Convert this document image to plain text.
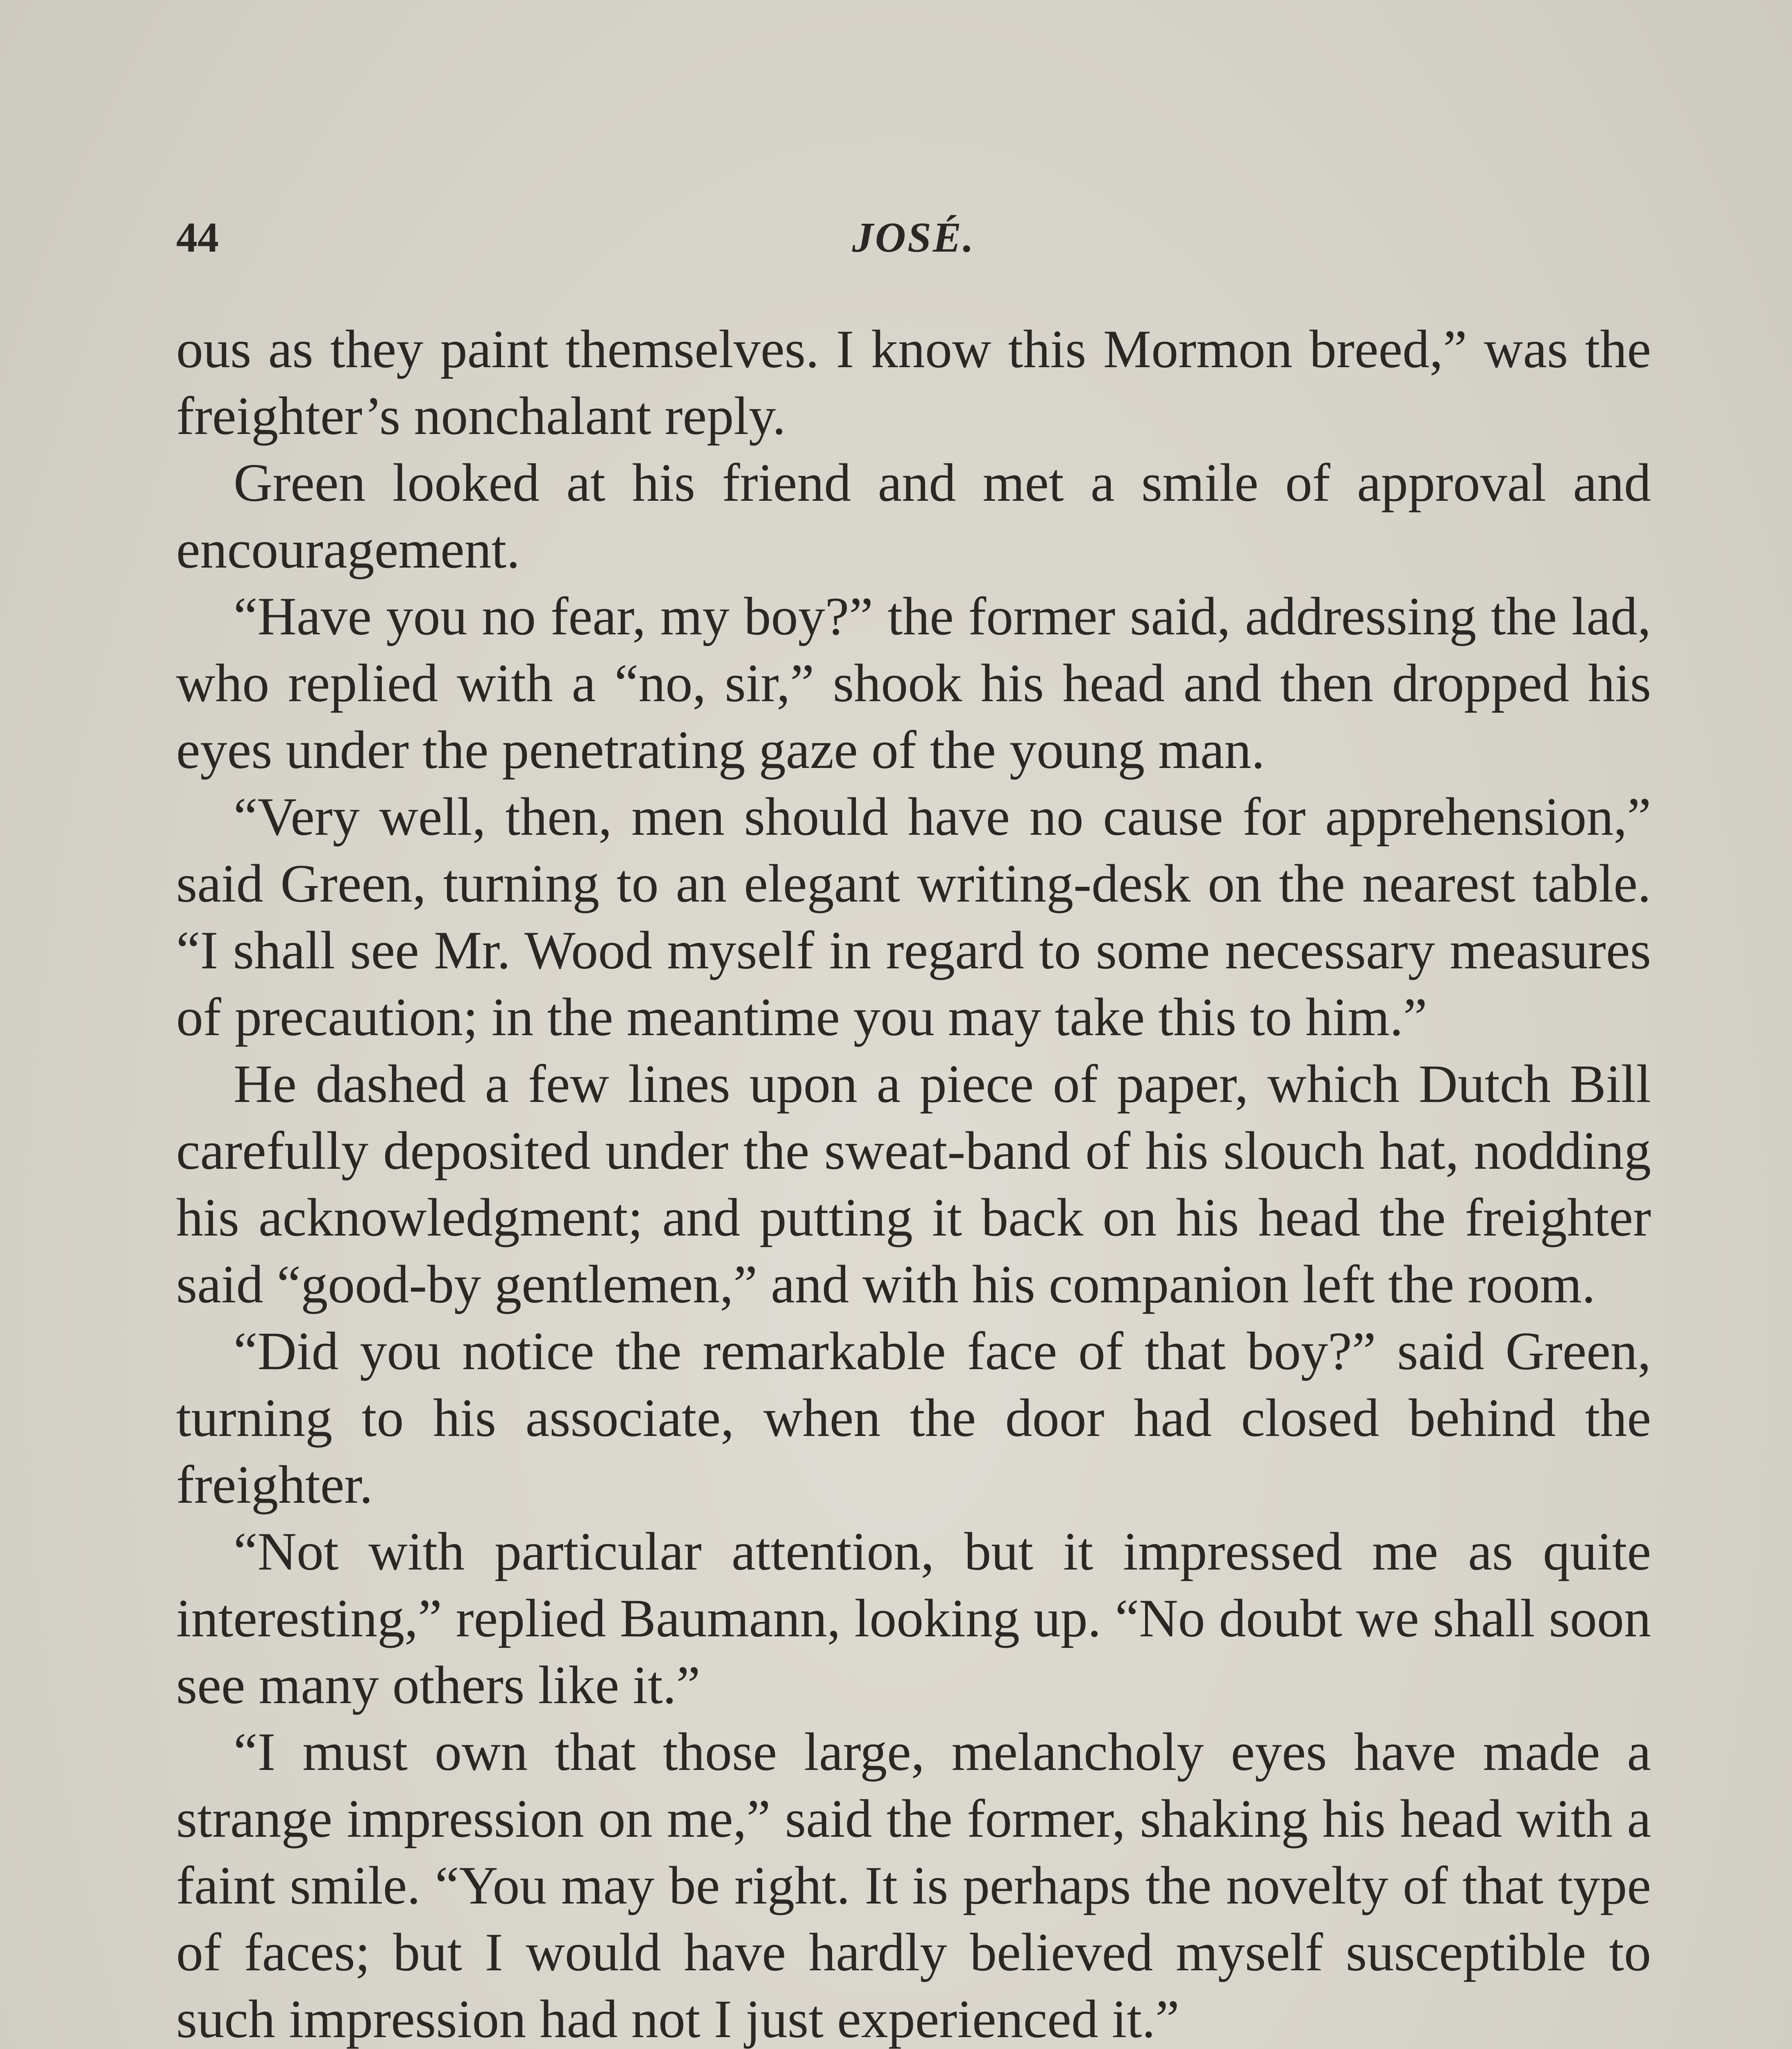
44	JOSÉ.

ous as they paint themselves. I know this Mormon breed,” was the freighter’s nonchalant reply.

Green looked at his friend and met a smile of approval and encouragement.

“Have you no fear, my boy?” the former said, addressing the lad, who replied with a “no, sir,” shook his head and then dropped his eyes under the penetrating gaze of the young man.

“Very well, then, men should have no cause for apprehension,” said Green, turning to an elegant writing-desk on the nearest table. “I shall see Mr. Wood myself in regard to some necessary measures of precaution; in the meantime you may take this to him.”

He dashed a few lines upon a piece of paper, which Dutch Bill carefully deposited under the sweat-band of his slouch hat, nodding his acknowledgment; and putting it back on his head the freighter said “good-by gentlemen,” and with his companion left the room.

“Did you notice the remarkable face of that boy?” said Green, turning to his associate, when the door had closed behind the freighter.

“Not with particular attention, but it impressed me as quite interesting,” replied Baumann, looking up. “No doubt we shall soon see many others like it.”

“I must own that those large, melancholy eyes have made a strange impression on me,” said the former, shaking his head with a faint smile. “You may be right. It is perhaps the novelty of that type of faces; but I would have hardly believed myself susceptible to such impression had not I just experienced it.”
